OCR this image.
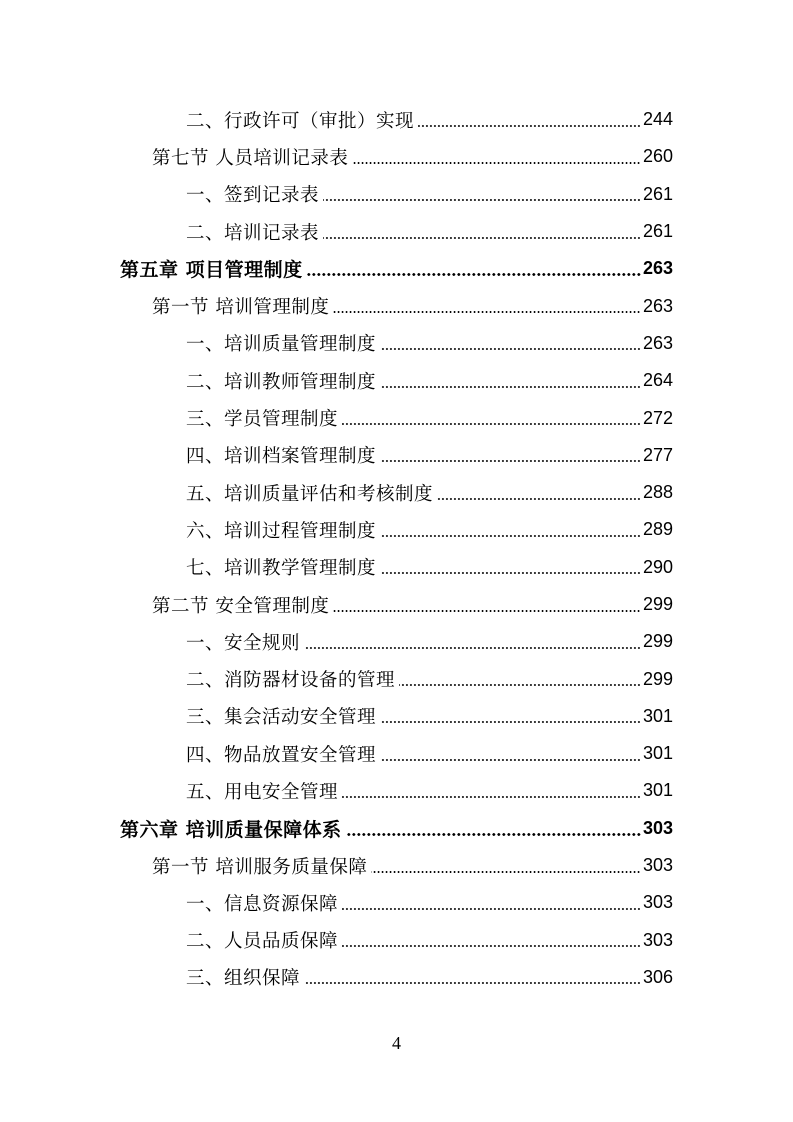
二、行政许可（审批）实现	244
第七节 人员培训记录表	260
一、签到记录表	261
二、培训记录表	261
第五章 项目管理制度	263
第一节 培训管理制度	263
一、培训质量管理制度	263
二、培训教师管理制度	264
三、学员管理制度	272
四、培训档案管理制度	277
五、培训质量评估和考核制度	288
六、培训过程管理制度	289
七、培训教学管理制度	290
第二节 安全管理制度	299
一、安全规则	299
二、消防器材设备的管理	299
三、集会活动安全管理	301
四、物品放置安全管理	301
五、用电安全管理	301
第六章 培训质量保障体系	303
第一节 培训服务质量保障	303
一、信息资源保障	303
二、人员品质保障	303
三、组织保障	306
4
